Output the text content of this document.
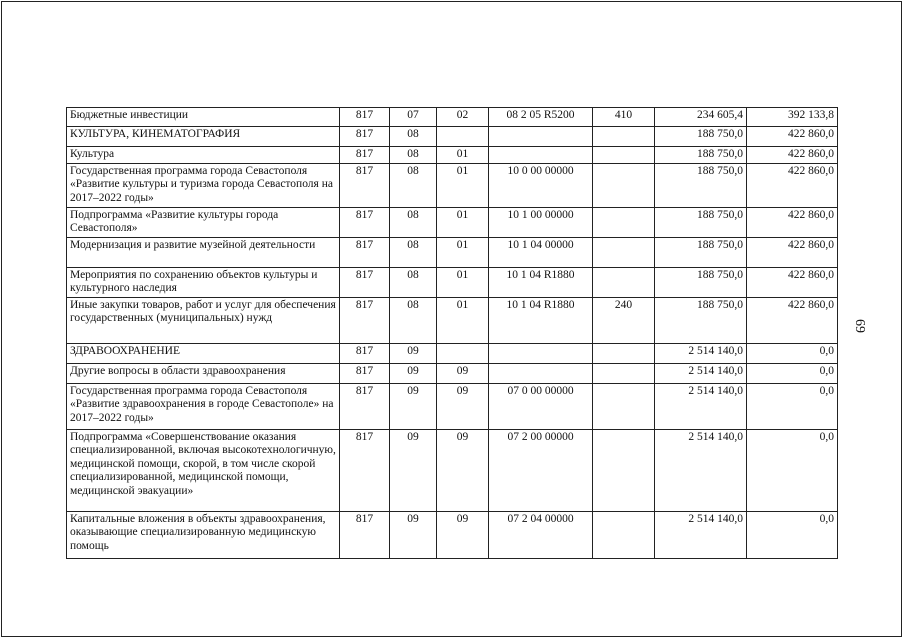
Бюджетные инвестиции	817	07	02	08 2 05 R5200	410	234 605,4	392 133,8
КУЛЬТУРА, КИНЕМАТОГРАФИЯ	817	08				188 750,0	422 860,0
Культура	817	08	01			188 750,0	422 860,0
Государственная программа города Севастополя «Развитие культуры и туризма города Севастополя на 2017–2022 годы»	817	08	01	10 0 00 00000		188 750,0	422 860,0
Подпрограмма «Развитие культуры города Севастополя»	817	08	01	10 1 00 00000		188 750,0	422 860,0
Модернизация и развитие музейной деятельности	817	08	01	10 1 04 00000		188 750,0	422 860,0
Мероприятия по сохранению объектов культуры и культурного наследия	817	08	01	10 1 04 R1880		188 750,0	422 860,0
Иные закупки товаров, работ и услуг для обеспечения государственных (муниципальных) нужд	817	08	01	10 1 04 R1880	240	188 750,0	422 860,0
ЗДРАВООХРАНЕНИЕ	817	09				2 514 140,0	0,0
Другие вопросы в области здравоохранения	817	09	09			2 514 140,0	0,0
Государственная программа города Севастополя «Развитие здравоохранения в городе Севастополе» на 2017–2022 годы»	817	09	09	07 0 00 00000		2 514 140,0	0,0
Подпрограмма «Совершенствование оказания специализированной, включая высокотехнологичную, медицинской помощи, скорой, в том числе скорой специализированной, медицинской помощи, медицинской эвакуации»	817	09	09	07 2 00 00000		2 514 140,0	0,0
Капитальные вложения в объекты здравоохранения, оказывающие специализированную медицинскую помощь	817	09	09	07 2 04 00000		2 514 140,0	0,0
69
